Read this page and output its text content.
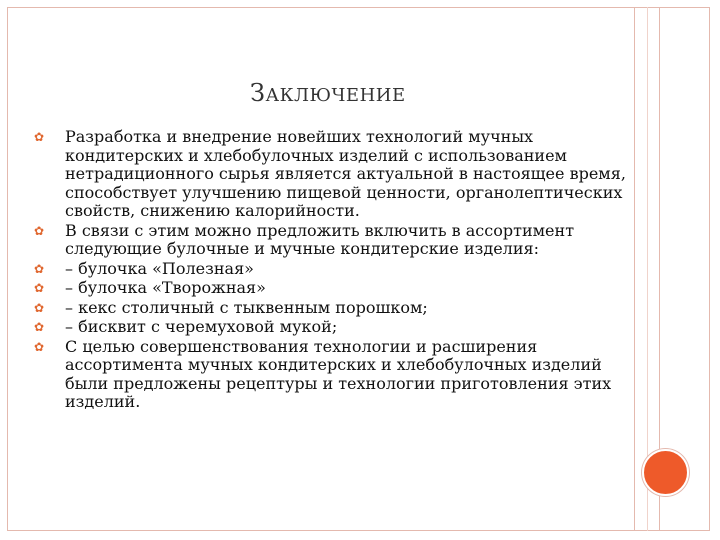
ЗАКЛЮЧЕНИЕ
✿ Разработка и внедрение новейших технологий мучных кондитерских и хлебобулочных изделий с использованием нетрадиционного сырья является актуальной в настоящее время, способствует улучшению пищевой ценности, органолептических свойств, снижению калорийности.
✿ В связи с этим можно предложить включить в ассортимент следующие булочные и мучные кондитерские изделия:
✿ – булочка «Полезная»
✿ – булочка «Творожная»
✿ – кекс столичный с тыквенным порошком;
✿ – бисквит с черемуховой мукой;
✿ С целью совершенствования технологии и расширения ассортимента мучных кондитерских и хлебобулочных изделий были предложены рецептуры и технологии приготовления этих изделий.
